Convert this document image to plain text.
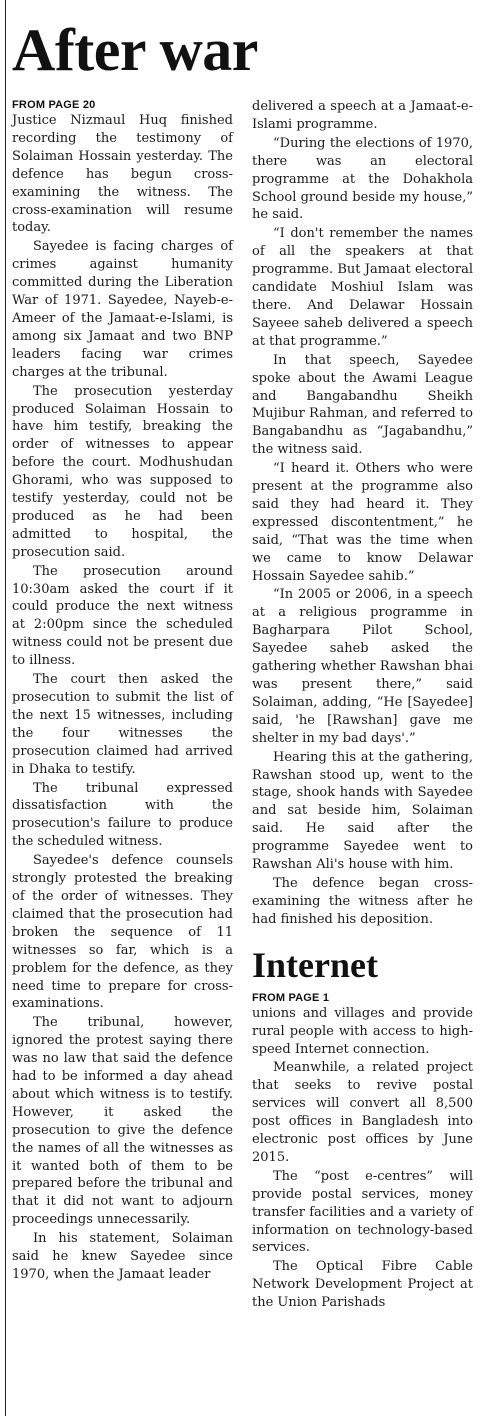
After war
FROM PAGE 20

Justice Nizmaul Huq finished recording the testimony of Solaiman Hossain yesterday. The defence has begun cross-examining the witness. The cross-examination will resume today.

Sayedee is facing charges of crimes against humanity committed during the Liberation War of 1971. Sayedee, Nayeb-e-Ameer of the Jamaat-e-Islami, is among six Jamaat and two BNP leaders facing war crimes charges at the tribunal.

The prosecution yesterday produced Solaiman Hossain to have him testify, breaking the order of witnesses to appear before the court. Modhushudan Ghorami, who was supposed to testify yesterday, could not be produced as he had been admitted to hospital, the prosecution said.

The prosecution around 10:30am asked the court if it could produce the next witness at 2:00pm since the scheduled witness could not be present due to illness.

The court then asked the prosecution to submit the list of the next 15 witnesses, including the four witnesses the prosecution claimed had arrived in Dhaka to testify.

The tribunal expressed dissatisfaction with the prosecution's failure to produce the scheduled witness.

Sayedee's defence counsels strongly protested the breaking of the order of witnesses. They claimed that the prosecution had broken the sequence of 11 witnesses so far, which is a problem for the defence, as they need time to prepare for cross-examinations.

The tribunal, however, ignored the protest saying there was no law that said the defence had to be informed a day ahead about which witness is to testify. However, it asked the prosecution to give the defence the names of all the witnesses as it wanted both of them to be prepared before the tribunal and that it did not want to adjourn proceedings unnecessarily.

In his statement, Solaiman said he knew Sayedee since 1970, when the Jamaat leader

delivered a speech at a Jamaat-e-Islami programme.

“During the elections of 1970, there was an electoral programme at the Dohakhola School ground beside my house,” he said.

“I don't remember the names of all the speakers at that programme. But Jamaat electoral candidate Moshiul Islam was there. And Delawar Hossain Sayeee saheb delivered a speech at that programme.”

In that speech, Sayedee spoke about the Awami League and Bangabandhu Sheikh Mujibur Rahman, and referred to Bangabandhu as “Jagabandhu,” the witness said.

“I heard it. Others who were present at the programme also said they had heard it. They expressed discontentment,” he said, “That was the time when we came to know Delawar Hossain Sayedee sahib.”

“In 2005 or 2006, in a speech at a religious programme in Bagharpara Pilot School, Sayedee saheb asked the gathering whether Rawshan bhai was present there,” said Solaiman, adding, “He [Sayedee] said, 'he [Rawshan] gave me shelter in my bad days'.”

Hearing this at the gathering, Rawshan stood up, went to the stage, shook hands with Sayedee and sat beside him, Solaiman said. He said after the programme Sayedee went to Rawshan Ali's house with him.

The defence began cross-examining the witness after he had finished his deposition.

Internet
FROM PAGE 1

unions and villages and provide rural people with access to high-speed Internet connection.

Meanwhile, a related project that seeks to revive postal services will convert all 8,500 post offices in Bangladesh into electronic post offices by June 2015.

The “post e-centres” will provide postal services, money transfer facilities and a variety of information on technology-based services.

The Optical Fibre Cable Network Development Project at the Union Parishads
